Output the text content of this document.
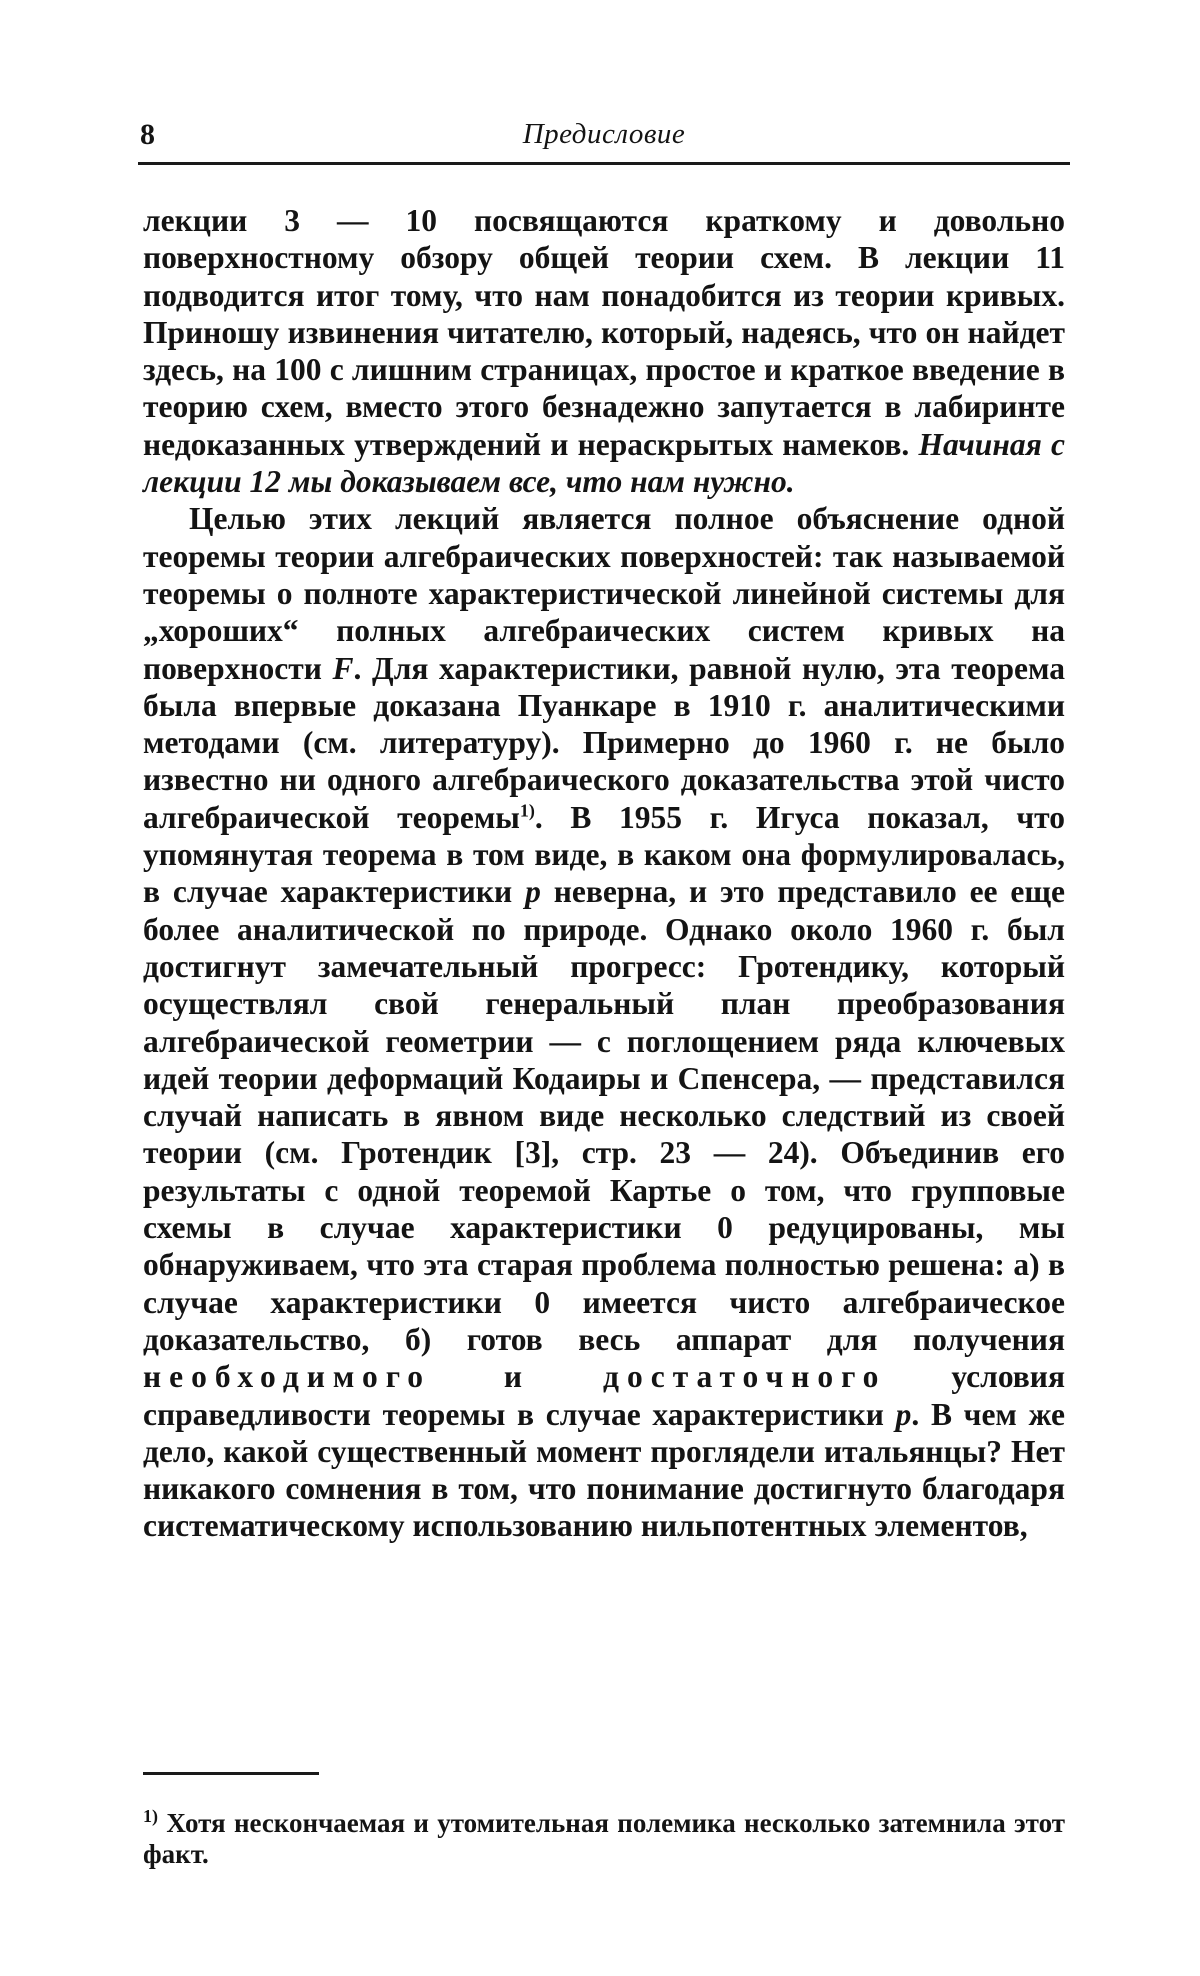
8	Предисловие

лекции 3 — 10 посвящаются краткому и довольно поверхностному обзору общей теории схем. В лекции 11 подводится итог тому, что нам понадобится из теории кривых. Приношу извинения читателю, который, надеясь, что он найдет здесь, на 100 с лишним страницах, простое и краткое введение в теорию схем, вместо этого безнадежно запутается в лабиринте недоказанных утверждений и нераскрытых намеков. Начиная с лекции 12 мы доказываем все, что нам нужно.

Целью этих лекций является полное объяснение одной теоремы теории алгебраических поверхностей: так называемой теоремы о полноте характеристической линейной системы для „хороших“ полных алгебраических систем кривых на поверхности F. Для характеристики, равной нулю, эта теорема была впервые доказана Пуанкаре в 1910 г. аналитическими методами (см. литературу). Примерно до 1960 г. не было известно ни одного алгебраического доказательства этой чисто алгебраической теоремы$^{1)}$. В 1955 г. Игуса показал, что упомянутая теорема в том виде, в каком она формулировалась, в случае характеристики p неверна, и это представило ее еще более аналитической по природе. Однако около 1960 г. был достигнут замечательный прогресс: Гротендику, который осуществлял свой генеральный план преобразования алгебраической геометрии — с поглощением ряда ключевых идей теории деформаций Кодаиры и Спенсера, — представился случай написать в явном виде несколько следствий из своей теории (см. Гротендик [3], стр. 23 — 24). Объединив его результаты с одной теоремой Картье о том, что групповые схемы в случае характеристики 0 редуцированы, мы обнаруживаем, что эта старая проблема полностью решена: а) в случае характеристики 0 имеется чисто алгебраическое доказательство, б) готов весь аппарат для получения необходимого и достаточного условия справедливости теоремы в случае характеристики p. В чем же дело, какой существенный момент проглядели итальянцы? Нет никакого сомнения в том, что понимание достигнуто благодаря систематическому использованию нильпотентных элементов,

$^{1)}$ Хотя нескончаемая и утомительная полемика несколько затемнила этот факт.
